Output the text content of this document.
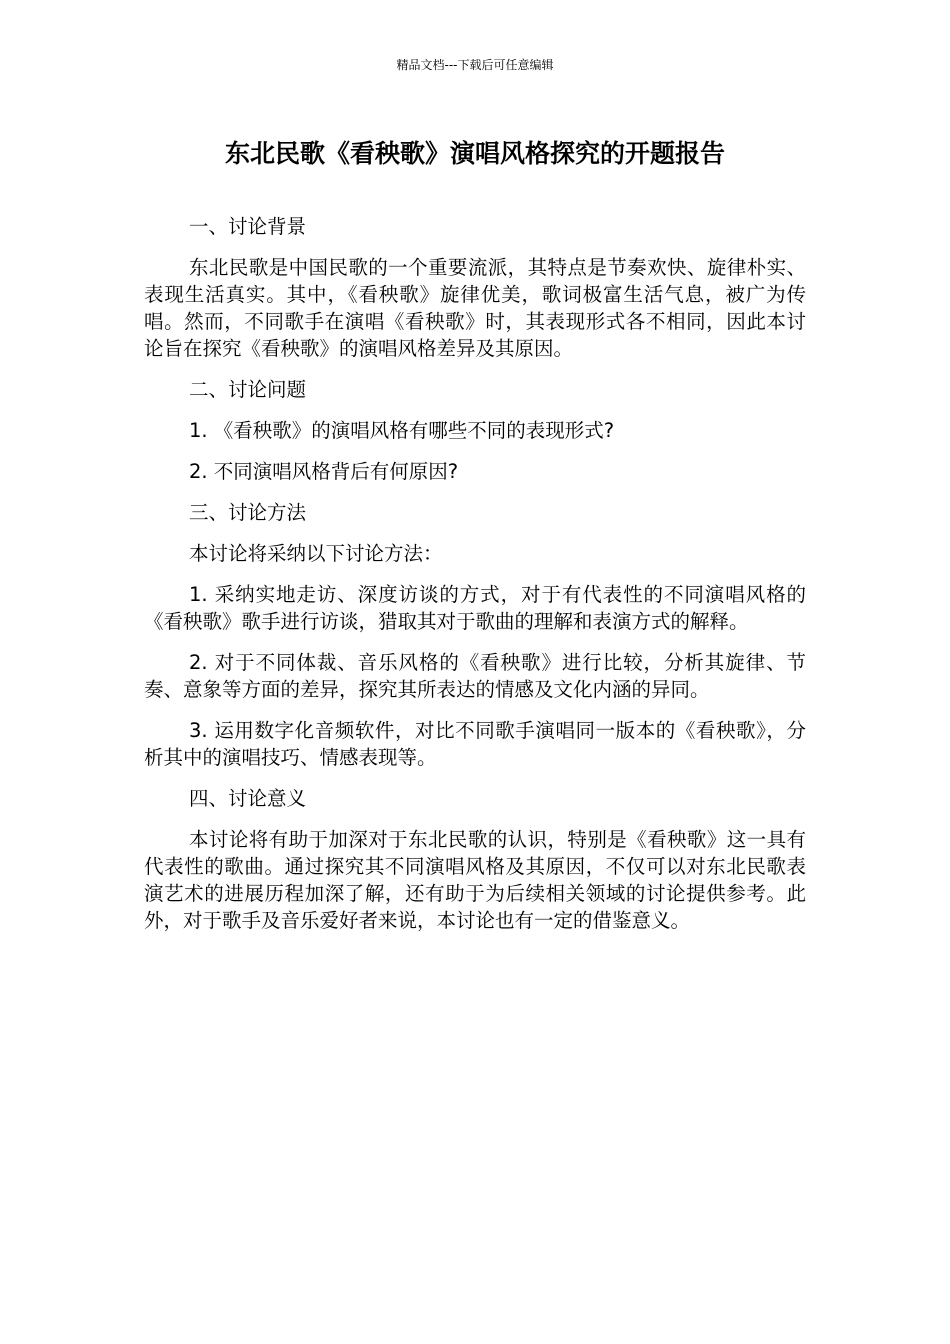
精品文档---下载后可任意编辑
东北民歌《看秧歌》演唱风格探究的开题报告

一、讨论背景

东北民歌是中国民歌的一个重要流派，其特点是节奏欢快、旋律朴实、表现生活真实。其中，《看秧歌》旋律优美，歌词极富生活气息，被广为传唱。然而，不同歌手在演唱《看秧歌》时，其表现形式各不相同，因此本讨论旨在探究《看秧歌》的演唱风格差异及其原因。

二、讨论问题

1. 《看秧歌》的演唱风格有哪些不同的表现形式?

2. 不同演唱风格背后有何原因?

三、讨论方法

本讨论将采纳以下讨论方法：

1. 采纳实地走访、深度访谈的方式，对于有代表性的不同演唱风格的《看秧歌》歌手进行访谈，猎取其对于歌曲的理解和表演方式的解释。

2. 对于不同体裁、音乐风格的《看秧歌》进行比较，分析其旋律、节奏、意象等方面的差异，探究其所表达的情感及文化内涵的异同。

3. 运用数字化音频软件，对比不同歌手演唱同一版本的《看秧歌》，分析其中的演唱技巧、情感表现等。

四、讨论意义

本讨论将有助于加深对于东北民歌的认识，特别是《看秧歌》这一具有代表性的歌曲。通过探究其不同演唱风格及其原因，不仅可以对东北民歌表演艺术的进展历程加深了解，还有助于为后续相关领域的讨论提供参考。此外，对于歌手及音乐爱好者来说，本讨论也有一定的借鉴意义。
